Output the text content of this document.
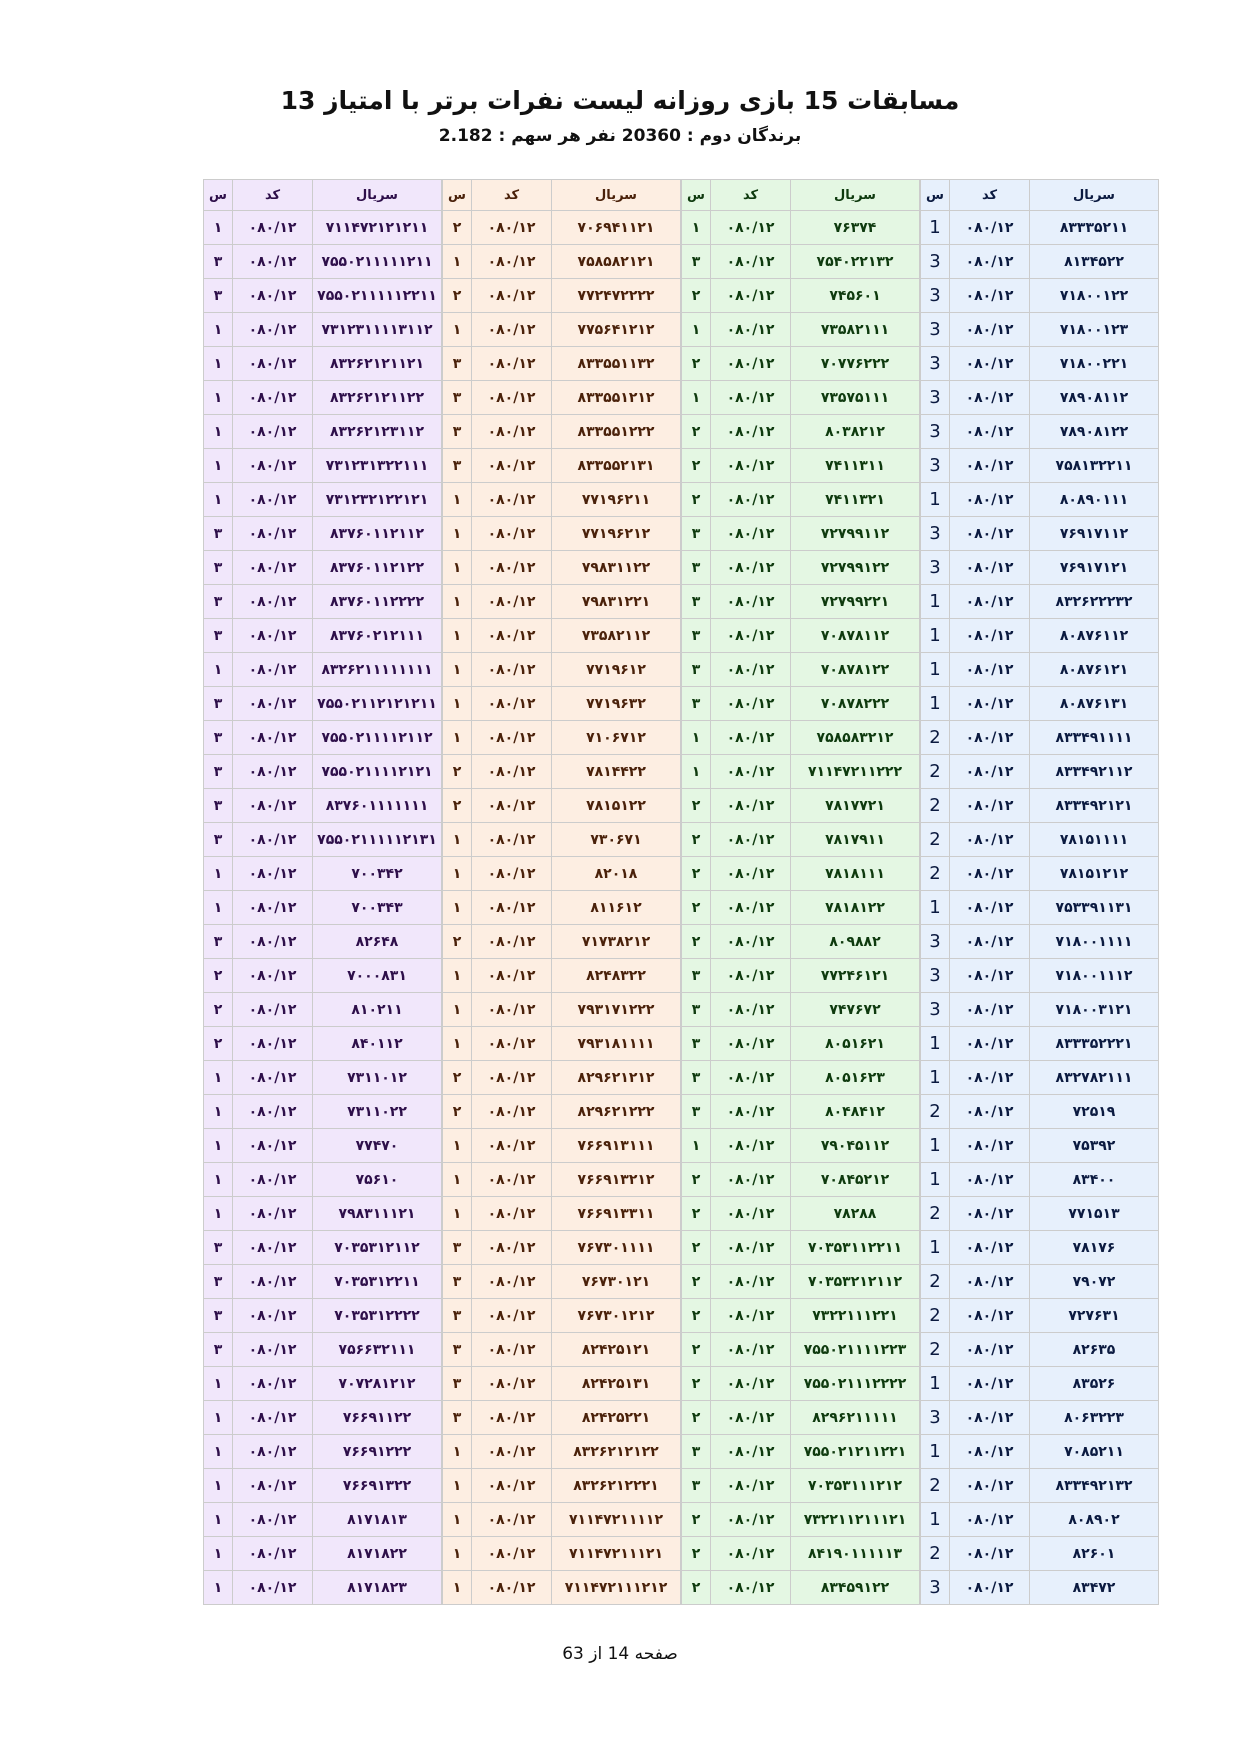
مسابقات 15 بازی روزانه لیست نفرات برتر با امتیاز 13
برندگان دوم : 20360 نفر هر سهم : 2.182
س	کد	سریال
1	۰۸۰/۱۲	۸۳۳۳۵۲۱۱
3	۰۸۰/۱۲	۸۱۳۴۵۲۲
3	۰۸۰/۱۲	۷۱۸۰۰۱۲۲
3	۰۸۰/۱۲	۷۱۸۰۰۱۲۳
3	۰۸۰/۱۲	۷۱۸۰۰۲۲۱
3	۰۸۰/۱۲	۷۸۹۰۸۱۱۲
3	۰۸۰/۱۲	۷۸۹۰۸۱۲۲
3	۰۸۰/۱۲	۷۵۸۱۳۲۲۱۱
1	۰۸۰/۱۲	۸۰۸۹۰۱۱۱
3	۰۸۰/۱۲	۷۶۹۱۷۱۱۲
3	۰۸۰/۱۲	۷۶۹۱۷۱۲۱
1	۰۸۰/۱۲	۸۳۲۶۲۲۲۳۲
1	۰۸۰/۱۲	۸۰۸۷۶۱۱۲
1	۰۸۰/۱۲	۸۰۸۷۶۱۲۱
1	۰۸۰/۱۲	۸۰۸۷۶۱۳۱
2	۰۸۰/۱۲	۸۳۳۴۹۱۱۱۱
2	۰۸۰/۱۲	۸۳۳۴۹۲۱۱۲
2	۰۸۰/۱۲	۸۳۳۴۹۲۱۲۱
2	۰۸۰/۱۲	۷۸۱۵۱۱۱۱
2	۰۸۰/۱۲	۷۸۱۵۱۲۱۲
1	۰۸۰/۱۲	۷۵۳۳۹۱۱۳۱
3	۰۸۰/۱۲	۷۱۸۰۰۱۱۱۱
3	۰۸۰/۱۲	۷۱۸۰۰۱۱۱۲
3	۰۸۰/۱۲	۷۱۸۰۰۳۱۲۱
1	۰۸۰/۱۲	۸۳۳۳۵۲۲۲۱
1	۰۸۰/۱۲	۸۳۲۷۸۲۱۱۱
2	۰۸۰/۱۲	۷۲۵۱۹
1	۰۸۰/۱۲	۷۵۳۹۲
1	۰۸۰/۱۲	۸۳۴۰۰
2	۰۸۰/۱۲	۷۷۱۵۱۳
1	۰۸۰/۱۲	۷۸۱۷۶
2	۰۸۰/۱۲	۷۹۰۷۲
2	۰۸۰/۱۲	۷۲۷۶۳۱
2	۰۸۰/۱۲	۸۲۶۳۵
1	۰۸۰/۱۲	۸۳۵۲۶
3	۰۸۰/۱۲	۸۰۶۳۲۲۳
1	۰۸۰/۱۲	۷۰۸۵۲۱۱
2	۰۸۰/۱۲	۸۳۳۴۹۲۱۳۲
1	۰۸۰/۱۲	۸۰۸۹۰۲
2	۰۸۰/۱۲	۸۲۶۰۱
3	۰۸۰/۱۲	۸۳۴۷۲
س	کد	سریال
۱	۰۸۰/۱۲	۷۶۳۷۴
۳	۰۸۰/۱۲	۷۵۴۰۲۲۱۳۲
۲	۰۸۰/۱۲	۷۴۵۶۰۱
۱	۰۸۰/۱۲	۷۳۵۸۲۱۱۱
۲	۰۸۰/۱۲	۷۰۷۷۶۲۲۲
۱	۰۸۰/۱۲	۷۳۵۷۵۱۱۱
۲	۰۸۰/۱۲	۸۰۳۸۲۱۲
۲	۰۸۰/۱۲	۷۴۱۱۳۱۱
۲	۰۸۰/۱۲	۷۴۱۱۳۲۱
۳	۰۸۰/۱۲	۷۲۷۹۹۱۱۲
۳	۰۸۰/۱۲	۷۲۷۹۹۱۲۲
۳	۰۸۰/۱۲	۷۲۷۹۹۲۲۱
۳	۰۸۰/۱۲	۷۰۸۷۸۱۱۲
۳	۰۸۰/۱۲	۷۰۸۷۸۱۲۲
۳	۰۸۰/۱۲	۷۰۸۷۸۲۲۲
۱	۰۸۰/۱۲	۷۵۸۵۸۳۲۱۲
۱	۰۸۰/۱۲	۷۱۱۴۷۲۱۱۲۲۲
۲	۰۸۰/۱۲	۷۸۱۷۷۲۱
۲	۰۸۰/۱۲	۷۸۱۷۹۱۱
۲	۰۸۰/۱۲	۷۸۱۸۱۱۱
۲	۰۸۰/۱۲	۷۸۱۸۱۲۲
۲	۰۸۰/۱۲	۸۰۹۸۸۲
۳	۰۸۰/۱۲	۷۷۲۴۶۱۲۱
۳	۰۸۰/۱۲	۷۴۷۶۷۲
۳	۰۸۰/۱۲	۸۰۵۱۶۲۱
۳	۰۸۰/۱۲	۸۰۵۱۶۲۳
۳	۰۸۰/۱۲	۸۰۴۸۴۱۲
۱	۰۸۰/۱۲	۷۹۰۴۵۱۱۲
۲	۰۸۰/۱۲	۷۰۸۴۵۲۱۲
۲	۰۸۰/۱۲	۷۸۲۸۸
۲	۰۸۰/۱۲	۷۰۳۵۳۱۱۲۲۱۱
۲	۰۸۰/۱۲	۷۰۳۵۳۲۱۲۱۱۲
۲	۰۸۰/۱۲	۷۳۲۲۱۱۱۲۲۱
۲	۰۸۰/۱۲	۷۵۵۰۲۱۱۱۱۲۲۳
۲	۰۸۰/۱۲	۷۵۵۰۲۱۱۱۲۲۲۲
۲	۰۸۰/۱۲	۸۲۹۶۲۱۱۱۱۱
۳	۰۸۰/۱۲	۷۵۵۰۲۱۲۱۱۲۲۱
۳	۰۸۰/۱۲	۷۰۳۵۳۱۱۱۲۱۲
۲	۰۸۰/۱۲	۷۳۲۲۱۱۲۱۱۱۲۱
۲	۰۸۰/۱۲	۸۴۱۹۰۱۱۱۱۱۳
۲	۰۸۰/۱۲	۸۳۴۵۹۱۲۲
س	کد	سریال
۲	۰۸۰/۱۲	۷۰۶۹۴۱۱۲۱
۱	۰۸۰/۱۲	۷۵۸۵۸۲۱۲۱
۲	۰۸۰/۱۲	۷۷۲۴۷۲۲۲۲
۱	۰۸۰/۱۲	۷۷۵۶۴۱۲۱۲
۳	۰۸۰/۱۲	۸۳۳۵۵۱۱۳۲
۳	۰۸۰/۱۲	۸۳۳۵۵۱۲۱۲
۳	۰۸۰/۱۲	۸۳۳۵۵۱۲۲۲
۳	۰۸۰/۱۲	۸۳۳۵۵۲۱۳۱
۱	۰۸۰/۱۲	۷۷۱۹۶۲۱۱
۱	۰۸۰/۱۲	۷۷۱۹۶۲۱۲
۱	۰۸۰/۱۲	۷۹۸۳۱۱۲۲
۱	۰۸۰/۱۲	۷۹۸۳۱۲۲۱
۱	۰۸۰/۱۲	۷۳۵۸۲۱۱۲
۱	۰۸۰/۱۲	۷۷۱۹۶۱۲
۱	۰۸۰/۱۲	۷۷۱۹۶۳۲
۱	۰۸۰/۱۲	۷۱۰۶۷۱۲
۲	۰۸۰/۱۲	۷۸۱۴۴۲۲
۲	۰۸۰/۱۲	۷۸۱۵۱۲۲
۱	۰۸۰/۱۲	۷۳۰۶۷۱
۱	۰۸۰/۱۲	۸۲۰۱۸
۱	۰۸۰/۱۲	۸۱۱۶۱۲
۲	۰۸۰/۱۲	۷۱۷۳۸۲۱۲
۱	۰۸۰/۱۲	۸۲۴۸۳۲۲
۱	۰۸۰/۱۲	۷۹۳۱۷۱۲۲۲
۱	۰۸۰/۱۲	۷۹۳۱۸۱۱۱۱
۲	۰۸۰/۱۲	۸۲۹۶۲۱۲۱۲
۲	۰۸۰/۱۲	۸۲۹۶۲۱۲۲۲
۱	۰۸۰/۱۲	۷۶۶۹۱۳۱۱۱
۱	۰۸۰/۱۲	۷۶۶۹۱۳۲۱۲
۱	۰۸۰/۱۲	۷۶۶۹۱۳۳۱۱
۳	۰۸۰/۱۲	۷۶۷۳۰۱۱۱۱
۳	۰۸۰/۱۲	۷۶۷۳۰۱۲۱
۳	۰۸۰/۱۲	۷۶۷۳۰۱۲۱۲
۳	۰۸۰/۱۲	۸۲۴۲۵۱۲۱
۳	۰۸۰/۱۲	۸۲۴۲۵۱۳۱
۳	۰۸۰/۱۲	۸۲۴۲۵۲۲۱
۱	۰۸۰/۱۲	۸۳۲۶۲۱۲۱۲۲
۱	۰۸۰/۱۲	۸۳۲۶۲۱۲۲۲۱
۱	۰۸۰/۱۲	۷۱۱۴۷۲۱۱۱۱۲
۱	۰۸۰/۱۲	۷۱۱۴۷۲۱۱۱۲۱
۱	۰۸۰/۱۲	۷۱۱۴۷۲۱۱۱۲۱۲
س	کد	سریال
۱	۰۸۰/۱۲	۷۱۱۴۷۲۱۲۱۲۱۱
۳	۰۸۰/۱۲	۷۵۵۰۲۱۱۱۱۱۲۱۱
۳	۰۸۰/۱۲	۷۵۵۰۲۱۱۱۱۱۲۲۱۱
۱	۰۸۰/۱۲	۷۳۱۲۳۱۱۱۱۳۱۱۲
۱	۰۸۰/۱۲	۸۳۲۶۲۱۲۱۱۲۱
۱	۰۸۰/۱۲	۸۳۲۶۲۱۲۱۱۲۲
۱	۰۸۰/۱۲	۸۳۲۶۲۱۲۳۱۱۲
۱	۰۸۰/۱۲	۷۳۱۲۳۱۳۲۲۱۱۱
۱	۰۸۰/۱۲	۷۳۱۲۳۲۱۲۲۱۲۱
۳	۰۸۰/۱۲	۸۳۷۶۰۱۱۲۱۱۲
۳	۰۸۰/۱۲	۸۳۷۶۰۱۱۲۱۲۲
۳	۰۸۰/۱۲	۸۳۷۶۰۱۱۲۲۲۲
۳	۰۸۰/۱۲	۸۳۷۶۰۲۱۲۱۱۱
۱	۰۸۰/۱۲	۸۳۲۶۲۱۱۱۱۱۱۱۱
۳	۰۸۰/۱۲	۷۵۵۰۲۱۱۲۱۲۱۲۱۱
۳	۰۸۰/۱۲	۷۵۵۰۲۱۱۱۱۲۱۱۲
۳	۰۸۰/۱۲	۷۵۵۰۲۱۱۱۱۲۱۲۱
۳	۰۸۰/۱۲	۸۳۷۶۰۱۱۱۱۱۱۱
۳	۰۸۰/۱۲	۷۵۵۰۲۱۱۱۱۱۲۱۳۱
۱	۰۸۰/۱۲	۷۰۰۳۴۲
۱	۰۸۰/۱۲	۷۰۰۳۴۳
۳	۰۸۰/۱۲	۸۲۶۴۸
۲	۰۸۰/۱۲	۷۰۰۰۸۳۱
۲	۰۸۰/۱۲	۸۱۰۲۱۱
۲	۰۸۰/۱۲	۸۴۰۱۱۲
۱	۰۸۰/۱۲	۷۳۱۱۰۱۲
۱	۰۸۰/۱۲	۷۳۱۱۰۲۲
۱	۰۸۰/۱۲	۷۷۴۷۰
۱	۰۸۰/۱۲	۷۵۶۱۰
۱	۰۸۰/۱۲	۷۹۸۳۱۱۱۲۱
۳	۰۸۰/۱۲	۷۰۳۵۳۱۲۱۱۲
۳	۰۸۰/۱۲	۷۰۳۵۳۱۲۲۱۱
۳	۰۸۰/۱۲	۷۰۳۵۳۱۲۲۲۲
۳	۰۸۰/۱۲	۷۵۶۶۳۲۱۱۱
۱	۰۸۰/۱۲	۷۰۷۲۸۱۲۱۲
۱	۰۸۰/۱۲	۷۶۶۹۱۱۲۲
۱	۰۸۰/۱۲	۷۶۶۹۱۲۲۲
۱	۰۸۰/۱۲	۷۶۶۹۱۳۲۲
۱	۰۸۰/۱۲	۸۱۷۱۸۱۳
۱	۰۸۰/۱۲	۸۱۷۱۸۲۲
۱	۰۸۰/۱۲	۸۱۷۱۸۲۳
صفحه 14 از 63
